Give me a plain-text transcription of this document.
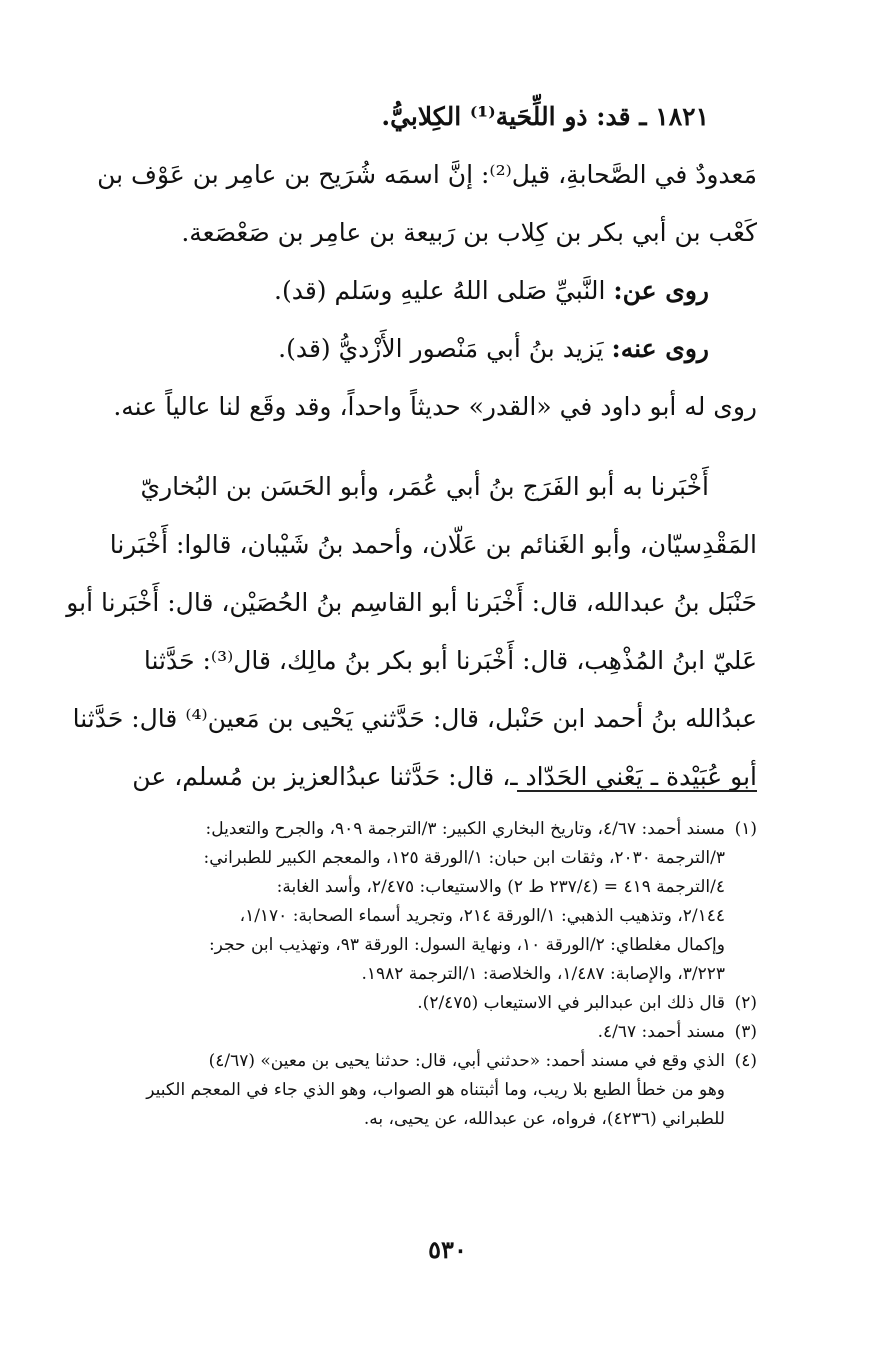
١٨٢١ ـ قد: ذو اللِّحَية⁽¹⁾ الكِلابيُّ.
مَعدودٌ في الصَّحابةِ، قيل⁽²⁾: إنَّ اسمَه شُرَيح بن عامِر بن عَوْف بن
كَعْب بن أبي بكر بن كِلاب بن رَبيعة بن عامِر بن صَعْصَعة.
روى عن: النَّبيِّ صَلى اللهُ عليهِ وسَلم (قد).
روى عنه: يَزيد بنُ أبي مَنْصور الأَزْديُّ (قد).
روى له أبو داود في «القدر» حديثاً واحداً، وقد وقَع لنا عالياً عنه.
أَخْبَرنا به أبو الفَرَج بنُ أبي عُمَر، وأبو الحَسَن بن البُخاريّ
المَقْدِسيّان، وأبو الغَنائم بن عَلّان، وأحمد بنُ شَيْبان، قالوا: أَخْبَرنا
حَنْبَل بنُ عبدالله، قال: أَخْبَرنا أبو القاسِم بنُ الحُصَيْن، قال: أَخْبَرنا أبو
عَليّ ابنُ المُذْهِب، قال: أَخْبَرنا أبو بكر بنُ مالِك، قال⁽³⁾: حَدَّثنا
عبدُالله بنُ أحمد ابن حَنْبل، قال: حَدَّثني يَحْيى بن مَعين⁽⁴⁾ قال: حَدَّثنا
أبو عُبَيْدة ـ يَعْني الحَدّاد ـ، قال: حَدَّثنا عبدُالعزيز بن مُسلم، عن
(١)مسند أحمد: ٤/٦٧، وتاريخ البخاري الكبير: ٣/الترجمة ٩٠٩، والجرح والتعديل:
٣/الترجمة ٢٠٣٠، وثقات ابن حبان: ١/الورقة ١٢٥، والمعجم الكبير للطبراني:
٤/الترجمة ٤١٩ = (٢٣٧/٤ ط ٢) والاستيعاب: ٢/٤٧٥، وأسد الغابة:
٢/١٤٤، وتذهيب الذهبي: ١/الورقة ٢١٤، وتجريد أسماء الصحابة: ١/١٧٠،
وإكمال مغلطاي: ٢/الورقة ١٠، ونهاية السول: الورقة ٩٣، وتهذيب ابن حجر:
٣/٢٢٣، والإصابة: ١/٤٨٧، والخلاصة: ١/الترجمة ١٩٨٢.
(٢)قال ذلك ابن عبدالبر في الاستيعاب (٢/٤٧٥).
(٣)مسند أحمد: ٤/٦٧.
(٤)الذي وقع في مسند أحمد: «حدثني أبي، قال: حدثنا يحيى بن معين» (٤/٦٧)
وهو من خطأ الطبع بلا ريب، وما أثبتناه هو الصواب، وهو الذي جاء في المعجم الكبير
للطبراني (٤٢٣٦)، فرواه، عن عبدالله، عن يحيى، به.
٥٣٠
